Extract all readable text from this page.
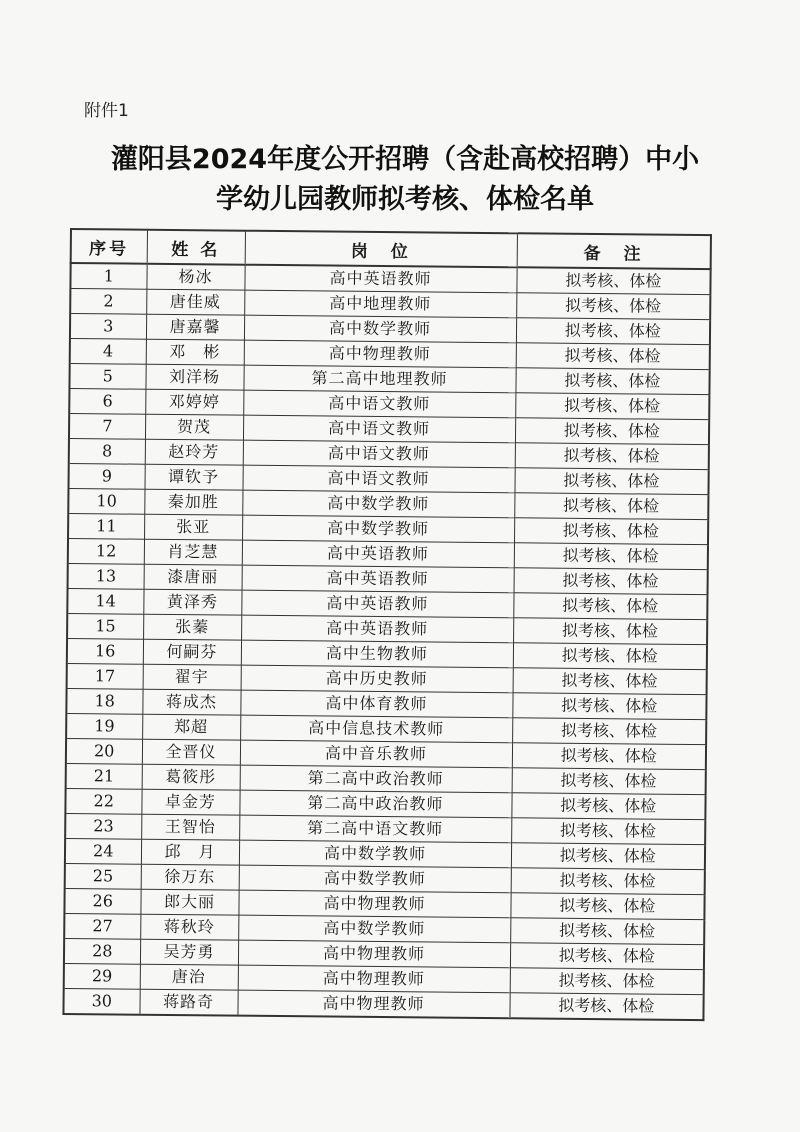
附件1
灌阳县2024年度公开招聘（含赴高校招聘）中小
学幼儿园教师拟考核、体检名单
序号	姓 名	岗　位	备　注
1	杨冰	高中英语教师	拟考核、体检
2	唐佳威	高中地理教师	拟考核、体检
3	唐嘉馨	高中数学教师	拟考核、体检
4	邓　彬	高中物理教师	拟考核、体检
5	刘洋杨	第二高中地理教师	拟考核、体检
6	邓婷婷	高中语文教师	拟考核、体检
7	贺茂	高中语文教师	拟考核、体检
8	赵玲芳	高中语文教师	拟考核、体检
9	谭钦予	高中语文教师	拟考核、体检
10	秦加胜	高中数学教师	拟考核、体检
11	张亚	高中数学教师	拟考核、体检
12	肖芝慧	高中英语教师	拟考核、体检
13	漆唐丽	高中英语教师	拟考核、体检
14	黄泽秀	高中英语教师	拟考核、体检
15	张蓁	高中英语教师	拟考核、体检
16	何嗣芬	高中生物教师	拟考核、体检
17	翟宇	高中历史教师	拟考核、体检
18	蒋成杰	高中体育教师	拟考核、体检
19	郑超	高中信息技术教师	拟考核、体检
20	全晋仪	高中音乐教师	拟考核、体检
21	葛筱彤	第二高中政治教师	拟考核、体检
22	卓金芳	第二高中政治教师	拟考核、体检
23	王智怡	第二高中语文教师	拟考核、体检
24	邱　月	高中数学教师	拟考核、体检
25	徐万东	高中数学教师	拟考核、体检
26	郎大丽	高中物理教师	拟考核、体检
27	蒋秋玲	高中数学教师	拟考核、体检
28	吴芳勇	高中物理教师	拟考核、体检
29	唐治	高中物理教师	拟考核、体检
30	蒋路奇	高中物理教师	拟考核、体检
